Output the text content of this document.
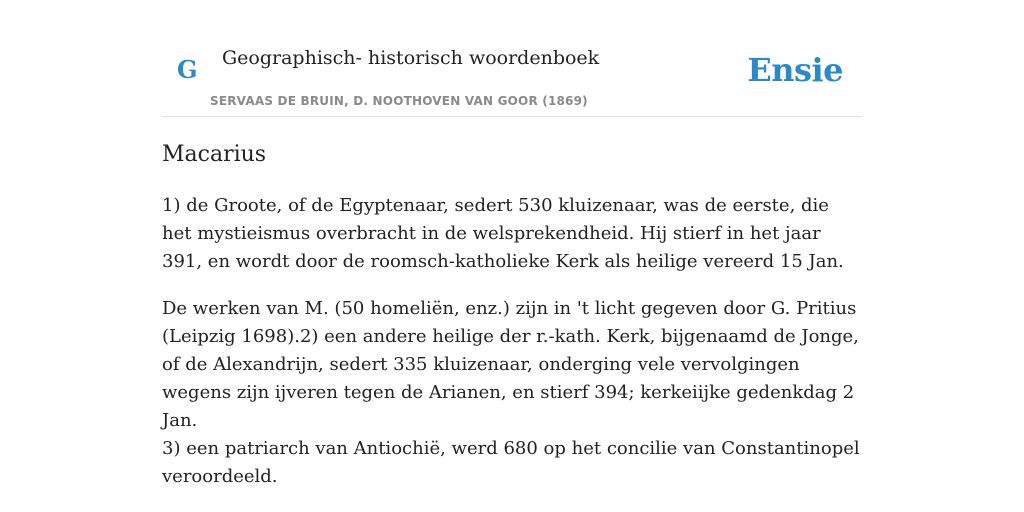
G Geographisch- historisch woordenboek
SERVAAS DE BRUIN, D. NOOTHOVEN VAN GOOR (1869)
Ensie
Macarius

1) de Groote, of de Egyptenaar, sedert 530 kluizenaar, was de eerste, die het mystieismus overbracht in de welsprekendheid. Hij stierf in het jaar 391, en wordt door de roomsch-katholieke Kerk als heilige vereerd 15 Jan.

De werken van M. (50 homeliën, enz.) zijn in 't licht gegeven door G. Pritius (Leipzig 1698).2) een andere heilige der r.-kath. Kerk, bijgenaamd de Jonge, of de Alexandrijn, sedert 335 kluizenaar, onderging vele vervolgingen wegens zijn ijveren tegen de Arianen, en stierf 394; kerkeiijke gedenkdag 2 Jan.

3) een patriarch van Antiochië, werd 680 op het concilie van Constantinopel veroordeeld.
